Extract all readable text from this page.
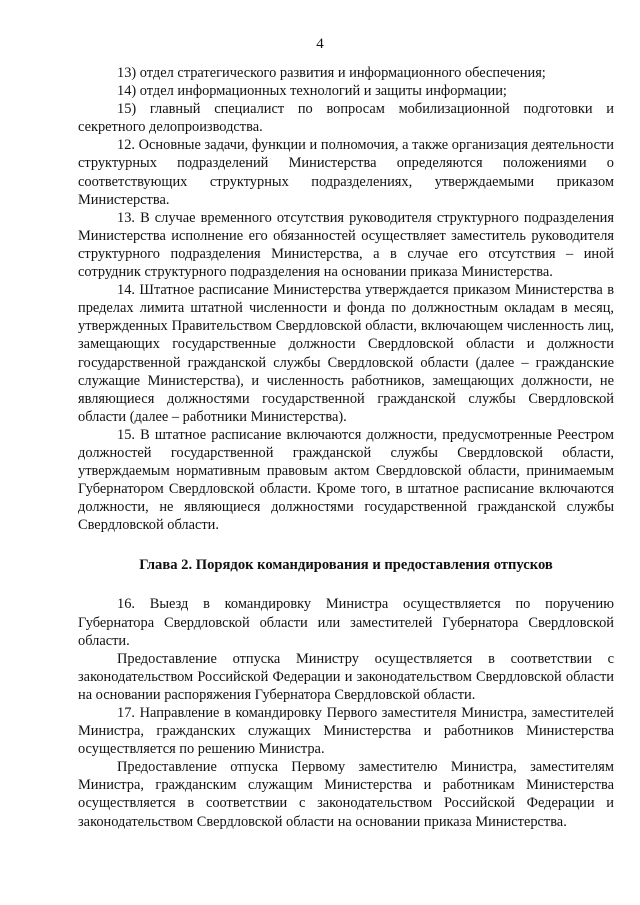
4

13) отдел стратегического развития и информационного обеспечения;

14) отдел информационных технологий и защиты информации;

15) главный специалист по вопросам мобилизационной подготовки и секретного делопроизводства.

12. Основные задачи, функции и полномочия, а также организация деятельности структурных подразделений Министерства определяются положениями о соответствующих структурных подразделениях, утверждаемыми приказом Министерства.

13. В случае временного отсутствия руководителя структурного подразделения Министерства исполнение его обязанностей осуществляет заместитель руководителя структурного подразделения Министерства, а в случае его отсутствия – иной сотрудник структурного подразделения на основании приказа Министерства.

14. Штатное расписание Министерства утверждается приказом Министерства в пределах лимита штатной численности и фонда по должностным окладам в месяц, утвержденных Правительством Свердловской области, включающем численность лиц, замещающих государственные должности Свердловской области и должности государственной гражданской службы Свердловской области (далее – гражданские служащие Министерства), и численность работников, замещающих должности, не являющиеся должностями государственной гражданской службы Свердловской области (далее – работники Министерства).

15. В штатное расписание включаются должности, предусмотренные Реестром должностей государственной гражданской службы Свердловской области, утверждаемым нормативным правовым актом Свердловской области, принимаемым Губернатором Свердловской области. Кроме того, в штатное расписание включаются должности, не являющиеся должностями государственной гражданской службы Свердловской области.

Глава 2. Порядок командирования и предоставления отпусков

16. Выезд в командировку Министра осуществляется по поручению Губернатора Свердловской области или заместителей Губернатора Свердловской области.

Предоставление отпуска Министру осуществляется в соответствии с законодательством Российской Федерации и законодательством Свердловской области на основании распоряжения Губернатора Свердловской области.

17. Направление в командировку Первого заместителя Министра, заместителей Министра, гражданских служащих Министерства и работников Министерства осуществляется по решению Министра.

Предоставление отпуска Первому заместителю Министра, заместителям Министра, гражданским служащим Министерства и работникам Министерства осуществляется в соответствии с законодательством Российской Федерации и законодательством Свердловской области на основании приказа Министерства.
